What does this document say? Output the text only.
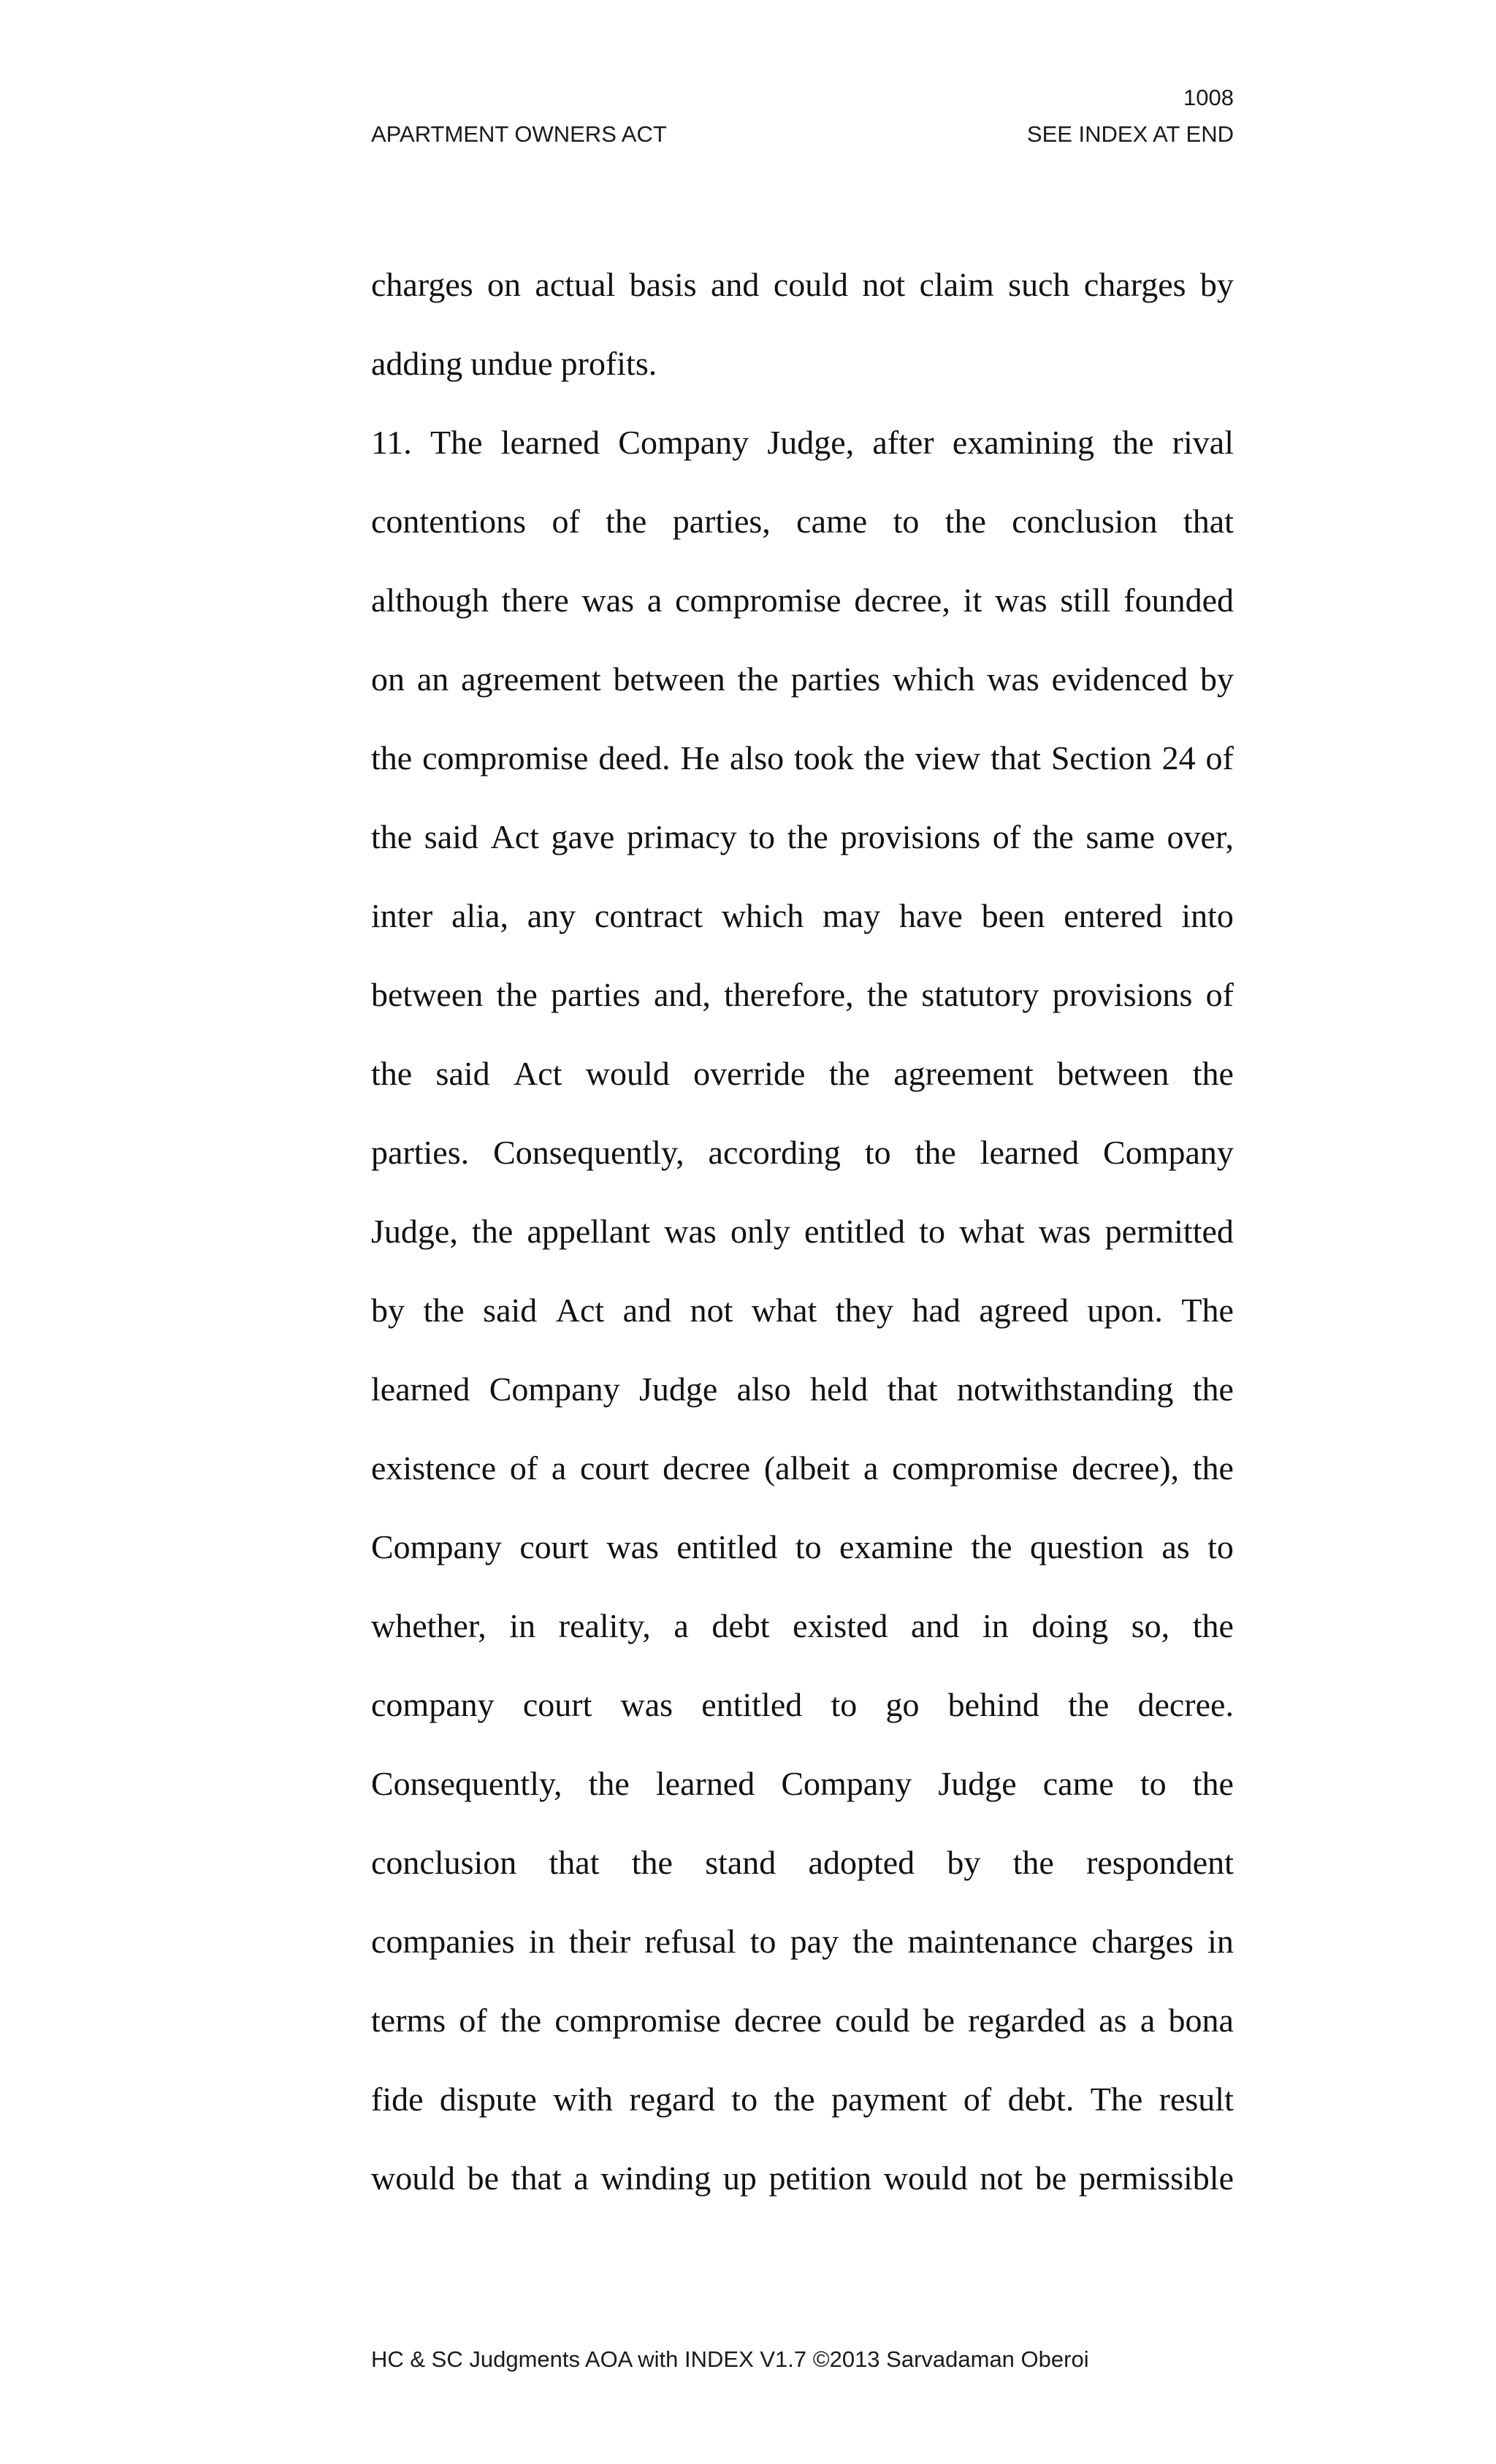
1008
APARTMENT OWNERS ACT	SEE INDEX AT END
charges on actual basis and could not claim such charges by
adding undue profits.
11. The learned Company Judge, after examining the rival
contentions of the parties, came to the conclusion that
although there was a compromise decree, it was still founded
on an agreement between the parties which was evidenced by
the compromise deed. He also took the view that Section 24 of
the said Act gave primacy to the provisions of the same over,
inter alia, any contract which may have been entered into
between the parties and, therefore, the statutory provisions of
the said Act would override the agreement between the
parties. Consequently, according to the learned Company
Judge, the appellant was only entitled to what was permitted
by the said Act and not what they had agreed upon. The
learned Company Judge also held that notwithstanding the
existence of a court decree (albeit a compromise decree), the
Company court was entitled to examine the question as to
whether, in reality, a debt existed and in doing so, the
company court was entitled to go behind the decree.
Consequently, the learned Company Judge came to the
conclusion that the stand adopted by the respondent
companies in their refusal to pay the maintenance charges in
terms of the compromise decree could be regarded as a bona
fide dispute with regard to the payment of debt. The result
would be that a winding up petition would not be permissible
HC & SC Judgments AOA with INDEX V1.7 ©2013 Sarvadaman Oberoi
